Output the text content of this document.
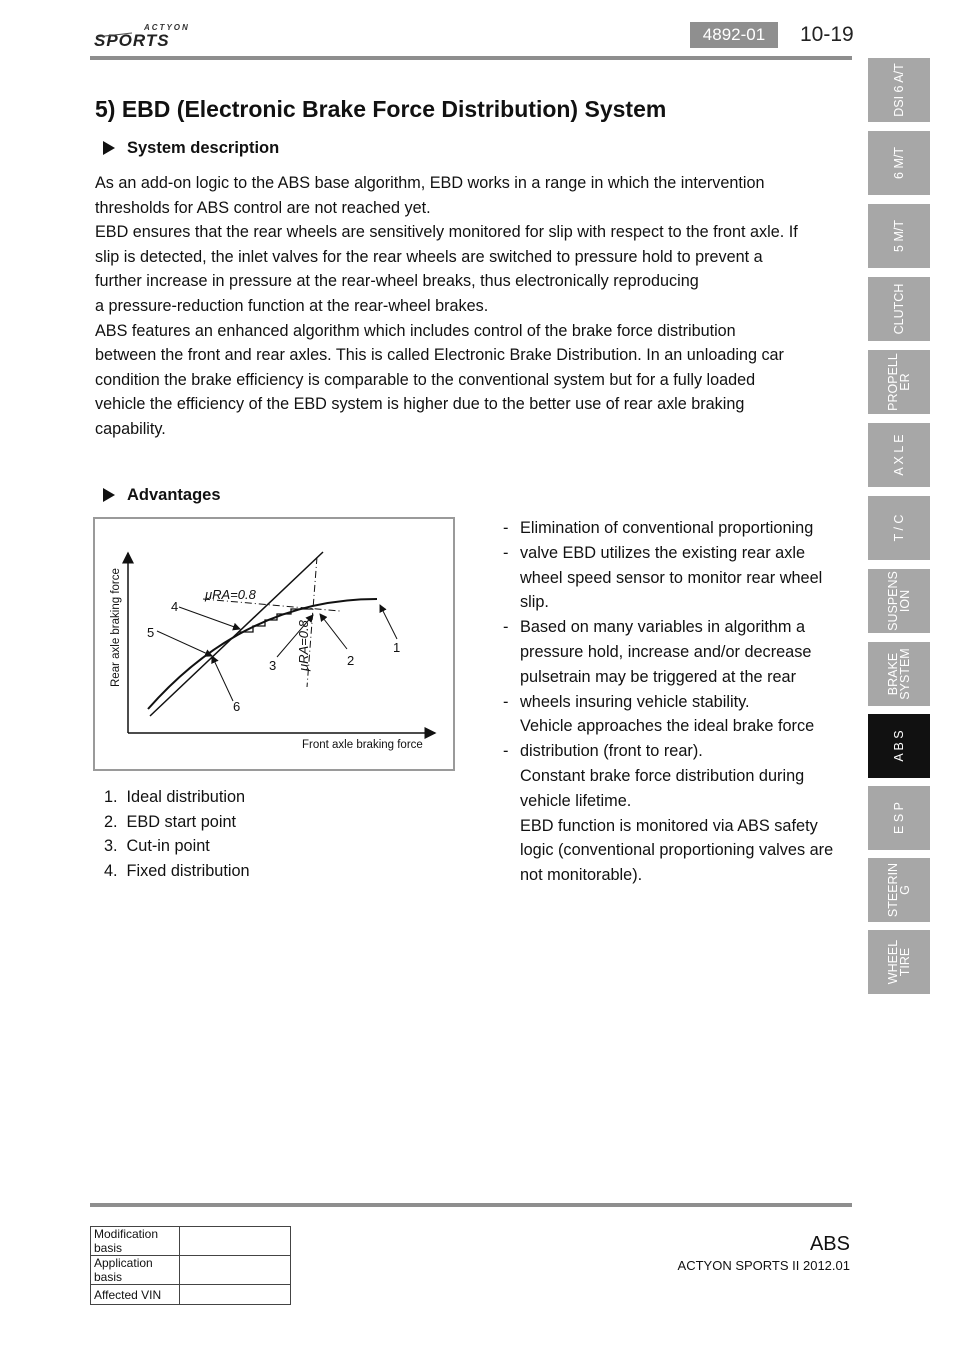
ACTYON
SPORTS	4892-01	10-19
DSI 6 A/T
6 M/T
5 M/T
CLUTCH
PROPELL
ER
A X L E
T / C
SUSPENS
ION
BRAKE
SYSTEM
A B S
E S P
STEERIN
G
WHEEL
TIRE
5) EBD (Electronic Brake Force Distribution) System
System description
As an add-on logic to the ABS base algorithm, EBD works in a range in which the intervention
thresholds for ABS control are not reached yet.
EBD ensures that the rear wheels are sensitively monitored for slip with respect to the front axle. If
slip is detected, the inlet valves for the rear wheels are switched to pressure hold to prevent a
further increase in pressure at the rear-wheel breaks, thus electronically reproducing
a pressure-reduction function at the rear-wheel brakes.
ABS features an enhanced algorithm which includes control of the brake force distribution
between the front and rear axles. This is called Electronic Brake Distribution. In an unloading car
condition the brake efficiency is comparable to the conventional system but for a fully loaded
vehicle the efficiency of the EBD system is higher due to the better use of rear axle braking
capability.
Advantages
1
2
3
4
5
6
μRA=0.8
μRA=0.8
Rear axle braking force
Front axle braking force
1. Ideal distribution
2. EBD start point
3. Cut-in point
4. Fixed distribution
- Elimination of conventional proportioning
- valve EBD utilizes the existing rear axle
wheel speed sensor to monitor rear wheel
slip.
- Based on many variables in algorithm a
pressure hold, increase and/or decrease
pulsetrain may be triggered at the rear
- wheels insuring vehicle stability.
Vehicle approaches the ideal brake force
- distribution (front to rear).
Constant brake force distribution during
vehicle lifetime.
EBD function is monitored via ABS safety
logic (conventional proportioning valves are
not monitorable).
Modification basis	
Application basis	
Affected VIN	
ABS
ACTYON SPORTS II 2012.01
